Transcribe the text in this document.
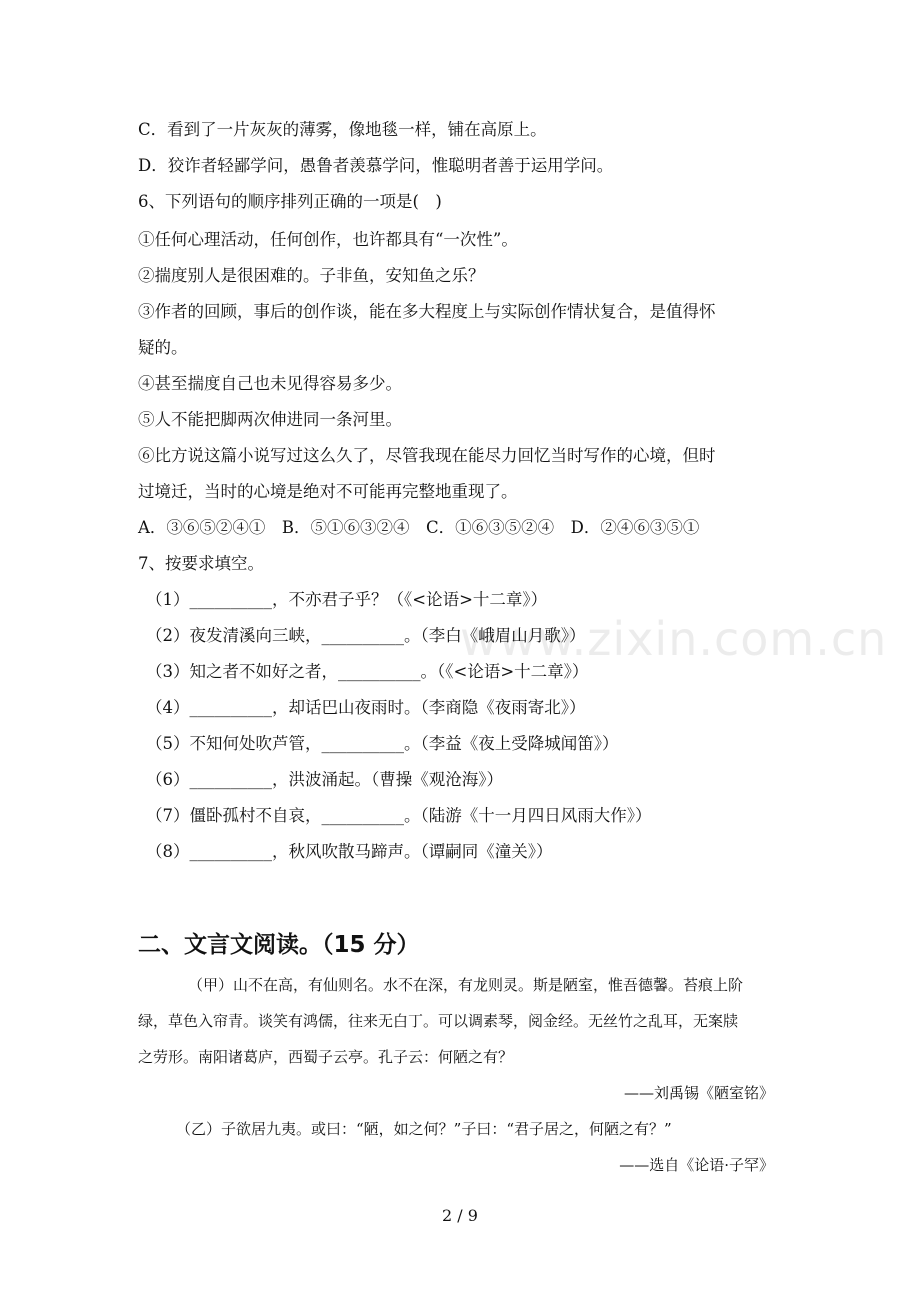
www.zixin.com.cn
C．看到了一片灰灰的薄雾，像地毯一样，铺在高原上。
D．狡诈者轻鄙学问，愚鲁者羡慕学问，惟聪明者善于运用学问。
6、下列语句的顺序排列正确的一项是(　)
①任何心理活动，任何创作，也许都具有“一次性”。
②揣度别人是很困难的。子非鱼，安知鱼之乐？
③作者的回顾，事后的创作谈，能在多大程度上与实际创作情状复合，是值得怀
疑的。
④甚至揣度自己也未见得容易多少。
⑤人不能把脚两次伸进同一条河里。
⑥比方说这篇小说写过这么久了，尽管我现在能尽力回忆当时写作的心境，但时
过境迁，当时的心境是绝对不可能再完整地重现了。
A．③⑥⑤②④①　B．⑤①⑥③②④　C．①⑥③⑤②④　D．②④⑥③⑤①
7、按要求填空。
（1）__________，不亦君子乎？（《<论语>十二章》）
（2）夜发清溪向三峡，__________。（李白《峨眉山月歌》）
（3）知之者不如好之者，__________。（《<论语>十二章》）
（4）__________，却话巴山夜雨时。（李商隐《夜雨寄北》）
（5）不知何处吹芦管，__________。（李益《夜上受降城闻笛》）
（6）__________，洪波涌起。（曹操《观沧海》）
（7）僵卧孤村不自哀，__________。（陆游《十一月四日风雨大作》）
（8）__________，秋风吹散马蹄声。（谭嗣同《潼关》）
二、文言文阅读。（15 分）
（甲）山不在高，有仙则名。水不在深，有龙则灵。斯是陋室，惟吾德馨。苔痕上阶
绿，草色入帘青。谈笑有鸿儒，往来无白丁。可以调素琴，阅金经。无丝竹之乱耳，无案牍
之劳形。南阳诸葛庐，西蜀子云亭。孔子云：何陋之有？
——刘禹锡《陋室铭》
（乙）子欲居九夷。或曰：“陋，如之何？”子曰：“君子居之，何陋之有？”
——选自《论语·子罕》
2 / 9
